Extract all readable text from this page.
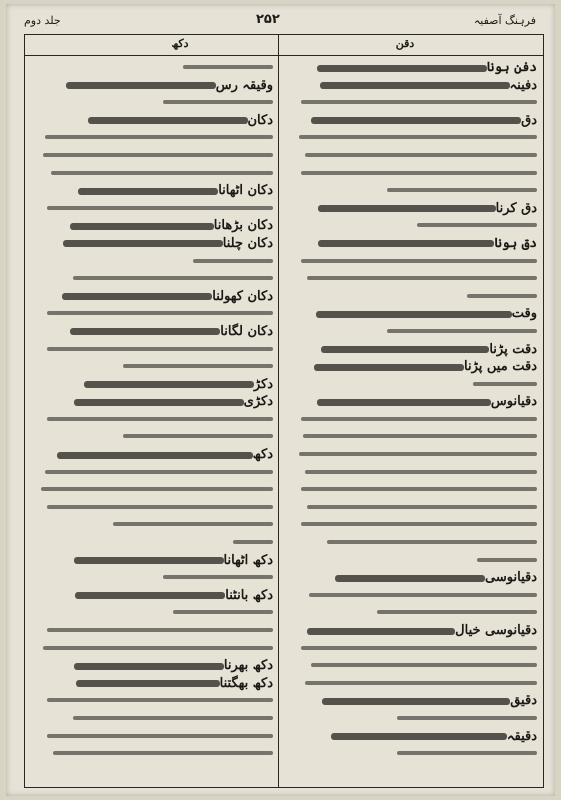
جلد دوم	۲۵۲	فرہنگ آصفیہ
دکھ	دقن
دفن ہونا
دفینہ
دق
دق کرنا
دق ہونا
وقت
دقت پڑنا
دقت میں پڑنا
دقیانوس
دقیانوسی
دقیانوسی خیال
دقیق
دقیقہ
وقیقہ رس
دکان
دکان اٹھانا
دکان بڑھانا
دکان چلنا
دکان کھولنا
دکان لگانا
دکڑ
دکڑی
دکھ
دکھ اٹھانا
دکھ بانٹنا
دکھ بھرنا
دکھ بھگتنا
